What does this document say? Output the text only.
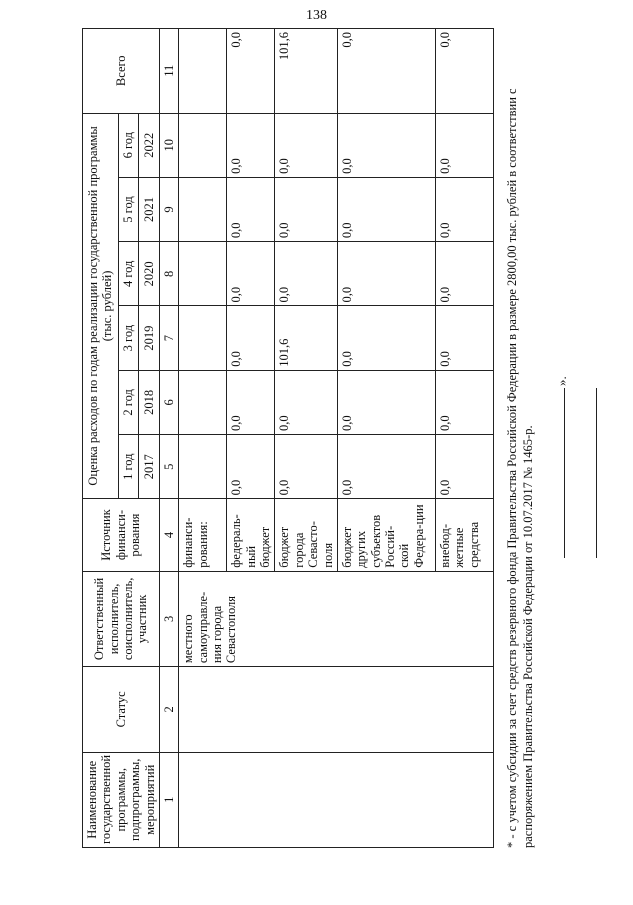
138
Наименование государственной программы, подпрограммы, мероприятий	Статус	Ответственный исполнитель, соисполнитель, участник	Источник финанси-рования	Оценка расходов по годам реализации государственной программы (тыс. рублей)						Всего
				1 год	2 год	3 год	4 год	5 год	6 год	
				2017	2018	2019	2020	2021	2022	
1	2	3	4	5	6	7	8	9	10	11
		местного самоуправле-ния города Севастополя	финанси-рования:							
			федераль-ный бюджет	0,0	0,0	0,0	0,0	0,0	0,0	0,0
			бюджет города Севасто-поля	0,0	0,0	101,6	0,0	0,0	0,0	101,6
			бюджет других субъектов Россий-ской Федера-ции	0,0	0,0	0,0	0,0	0,0	0,0	0,0
			внебюд-жетные средства	0,0	0,0	0,0	0,0	0,0	0,0	0,0
* - с учетом субсидии за счет средств резервного фонда Правительства Российской Федерации в размере 2800,00 тыс. рублей в соответствии с распоряжением Правительства Российской Федерации от 10.07.2017 № 1465-р.
».
